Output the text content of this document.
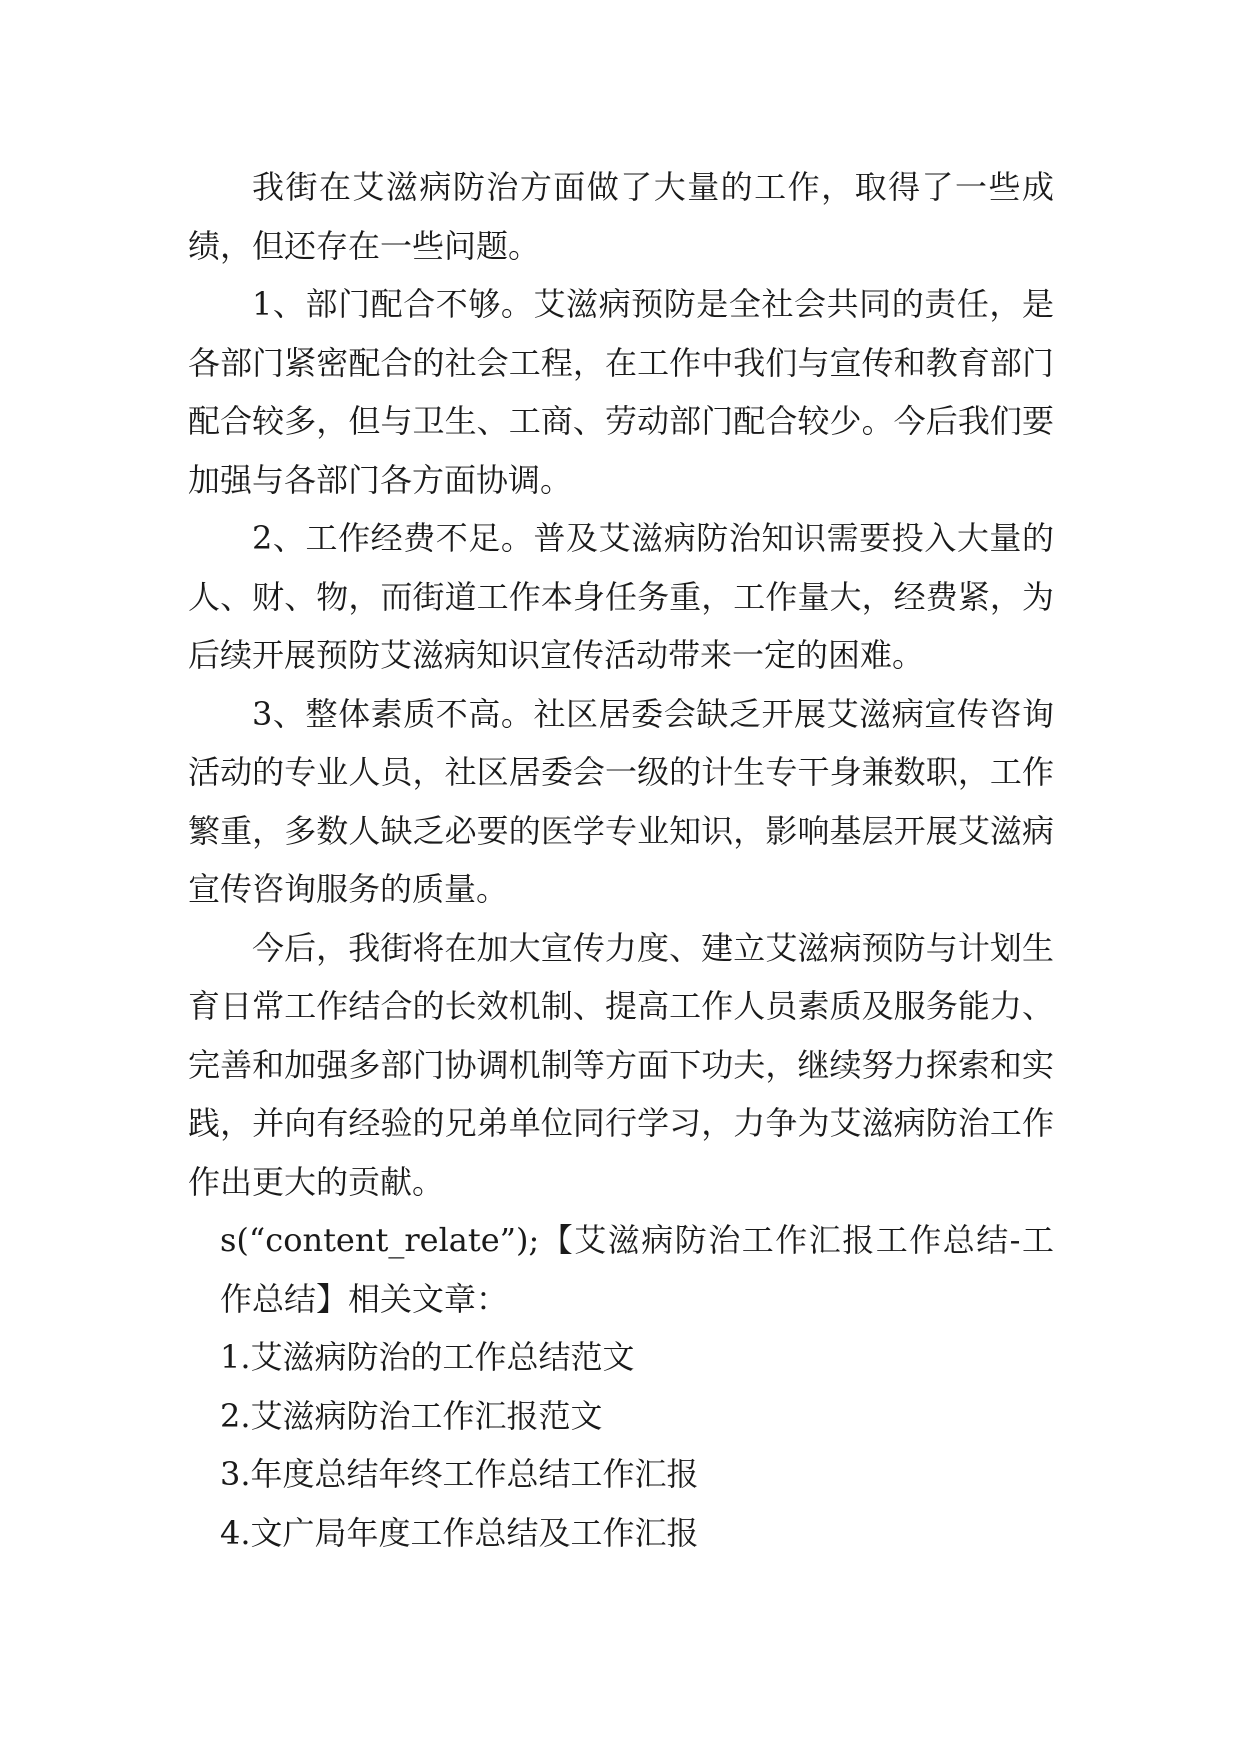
我街在艾滋病防治方面做了大量的工作，取得了一些成绩，但还存在一些问题。

1、部门配合不够。艾滋病预防是全社会共同的责任，是各部门紧密配合的社会工程，在工作中我们与宣传和教育部门配合较多，但与卫生、工商、劳动部门配合较少。今后我们要加强与各部门各方面协调。

2、工作经费不足。普及艾滋病防治知识需要投入大量的人、财、物，而街道工作本身任务重，工作量大，经费紧，为后续开展预防艾滋病知识宣传活动带来一定的困难。

3、整体素质不高。社区居委会缺乏开展艾滋病宣传咨询活动的专业人员，社区居委会一级的计生专干身兼数职，工作繁重，多数人缺乏必要的医学专业知识，影响基层开展艾滋病宣传咨询服务的质量。

今后，我街将在加大宣传力度、建立艾滋病预防与计划生育日常工作结合的长效机制、提高工作人员素质及服务能力、完善和加强多部门协调机制等方面下功夫，继续努力探索和实践，并向有经验的兄弟单位同行学习，力争为艾滋病防治工作作出更大的贡献。

s(“content_relate”);【艾滋病防治工作汇报工作总结-工作总结】相关文章：

1.艾滋病防治的工作总结范文

2.艾滋病防治工作汇报范文

3.年度总结年终工作总结工作汇报

4.文广局年度工作总结及工作汇报
